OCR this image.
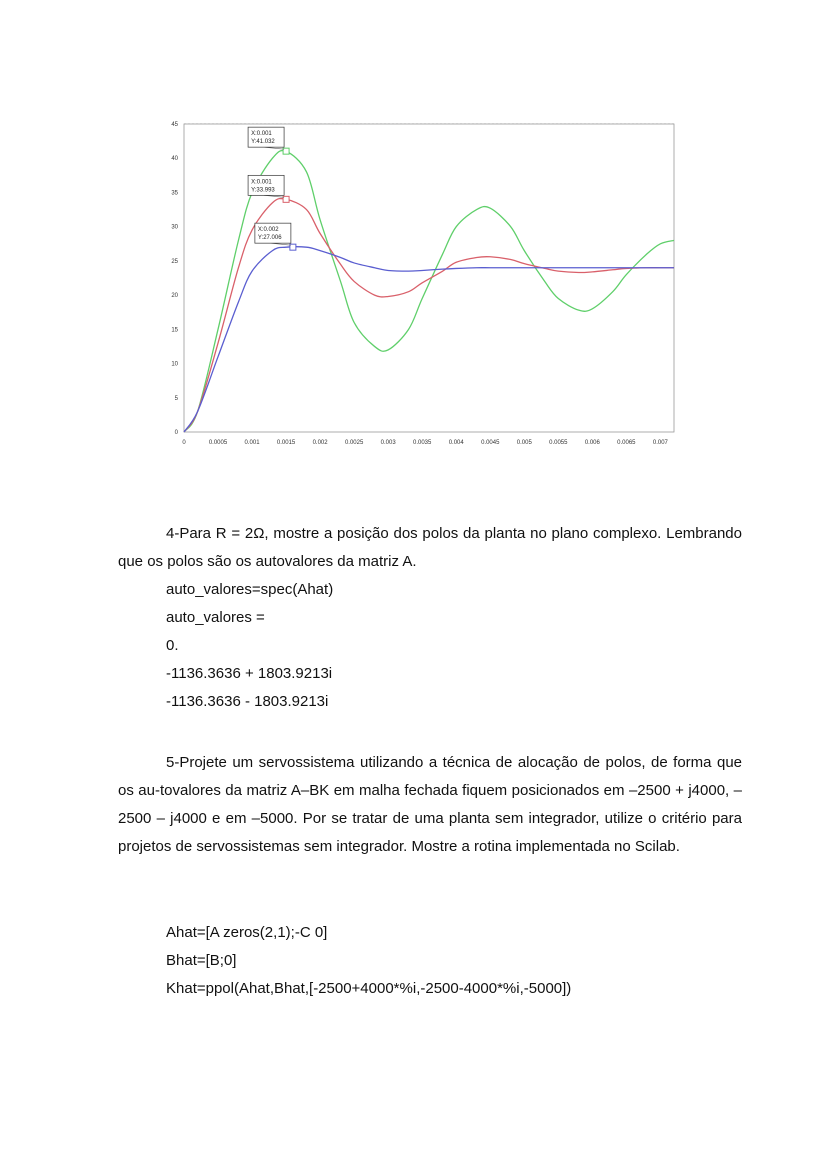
0	0.0005	0.001	0.0015	0.002	0.0025	0.003	0.0035	0.004	0.0045	0.005	0.0055	0.006	0.0065	0.007
0
5
10
15
20
25
30
35
40
45
X:0.001
Y:41.032
X:0.001
Y:33.993
X:0.002
Y:27.006

4-Para R = 2Ω, mostre a posição dos polos da planta no plano complexo. Lembrando que os polos são os autovalores da matriz A.

auto_valores=spec(Ahat)

auto_valores =

0.

-1136.3636 + 1803.9213i

-1136.3636 - 1803.9213i

5-Projete um servossistema utilizando a técnica de alocação de polos, de forma que os au-tovalores da matriz A–BK em malha fechada fiquem posicionados em –2500 + j4000, –2500 – j4000 e em –5000. Por se tratar de uma planta sem integrador, utilize o critério para projetos de servossistemas sem integrador. Mostre a rotina implementada no Scilab.

Ahat=[A zeros(2,1);-C 0]

Bhat=[B;0]

Khat=ppol(Ahat,Bhat,[-2500+4000*%i,-2500-4000*%i,-5000])
